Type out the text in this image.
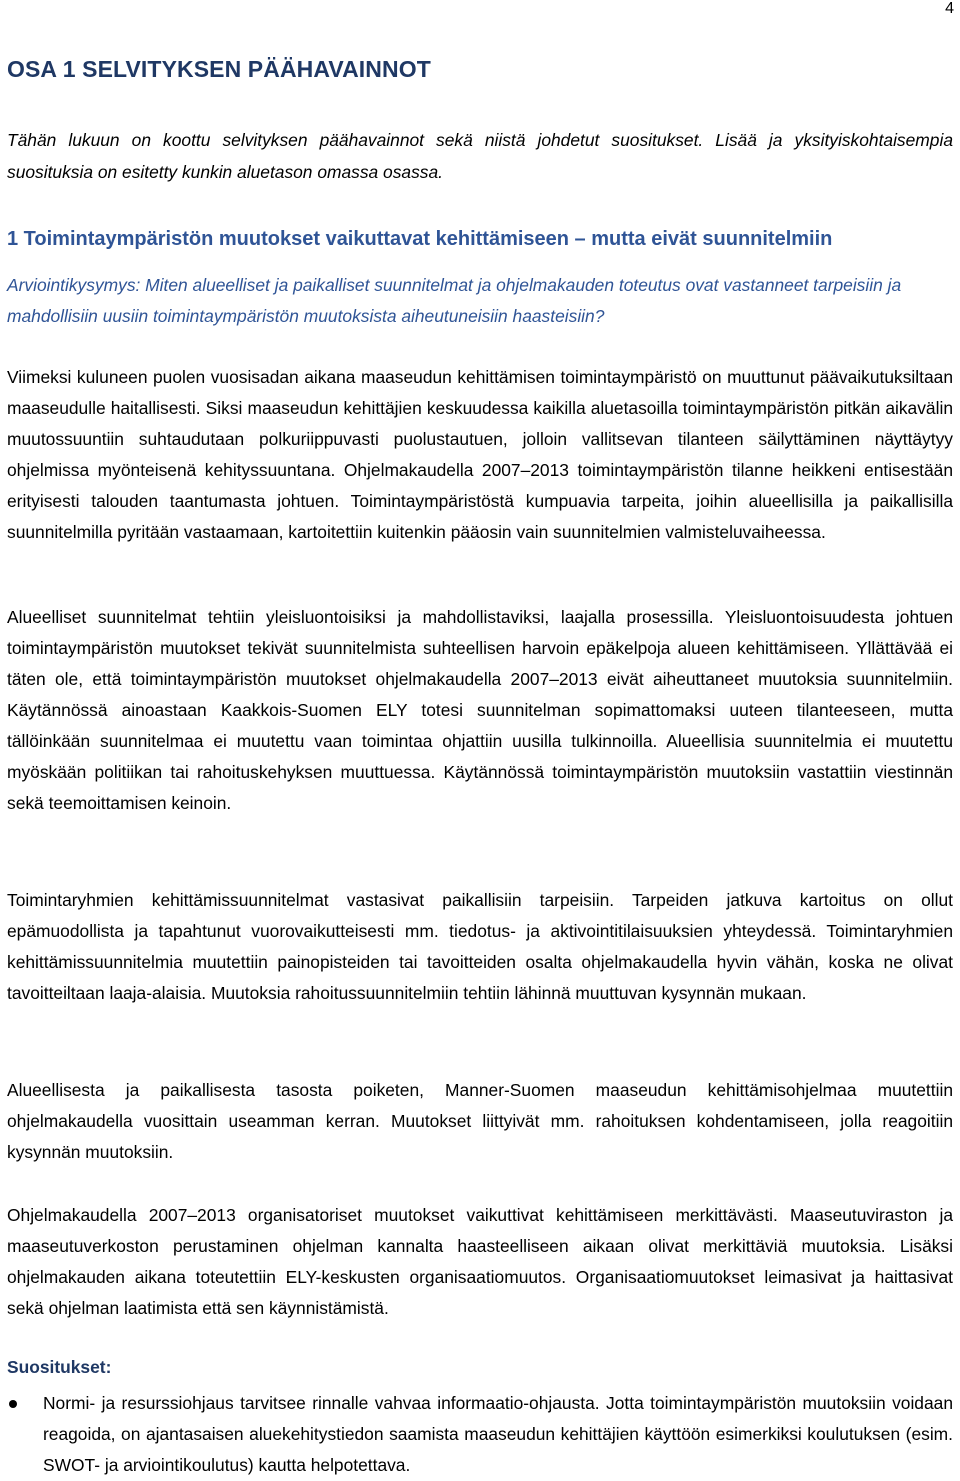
4
OSA 1 SELVITYKSEN PÄÄHAVAINNOT

Tähän lukuun on koottu selvityksen päähavainnot sekä niistä johdetut suositukset. Lisää ja yksityiskohtaisempia suosituksia on esitetty kunkin aluetason omassa osassa.

1 Toimintaympäristön muutokset vaikuttavat kehittämiseen – mutta eivät suunnitelmiin

Arviointikysymys: Miten alueelliset ja paikalliset suunnitelmat ja ohjelmakauden toteutus ovat vastanneet tarpeisiin ja mahdollisiin uusiin toimintaympäristön muutoksista aiheutuneisiin haasteisiin?

Viimeksi kuluneen puolen vuosisadan aikana maaseudun kehittämisen toimintaympäristö on muuttunut päävaikutuksiltaan maaseudulle haitallisesti. Siksi maaseudun kehittäjien keskuudessa kaikilla aluetasoilla toimintaympäristön pitkän aikavälin muutossuuntiin suhtaudutaan polkuriippuvasti puolustautuen, jolloin vallitsevan tilanteen säilyttäminen näyttäytyy ohjelmissa myönteisenä kehityssuuntana. Ohjelmakaudella 2007–2013 toimintaympäristön tilanne heikkeni entisestään erityisesti talouden taantumasta johtuen. Toimintaympäristöstä kumpuavia tarpeita, joihin alueellisilla ja paikallisilla suunnitelmilla pyritään vastaamaan, kartoitettiin kuitenkin pääosin vain suunnitelmien valmisteluvaiheessa.

Alueelliset suunnitelmat tehtiin yleisluontoisiksi ja mahdollistaviksi, laajalla prosessilla. Yleisluontoisuudesta johtuen toimintaympäristön muutokset tekivät suunnitelmista suhteellisen harvoin epäkelpoja alueen kehittämiseen. Yllättävää ei täten ole, että toimintaympäristön muutokset ohjelmakaudella 2007–2013 eivät aiheuttaneet muutoksia suunnitelmiin. Käytännössä ainoastaan Kaakkois-Suomen ELY totesi suunnitelman sopimattomaksi uuteen tilanteeseen, mutta tällöinkään suunnitelmaa ei muutettu vaan toimintaa ohjattiin uusilla tulkinnoilla. Alueellisia suunnitelmia ei muutettu myöskään politiikan tai rahoituskehyksen muuttuessa. Käytännössä toimintaympäristön muutoksiin vastattiin viestinnän sekä teemoittamisen keinoin.

Toimintaryhmien kehittämissuunnitelmat vastasivat paikallisiin tarpeisiin. Tarpeiden jatkuva kartoitus on ollut epämuodollista ja tapahtunut vuorovaikutteisesti mm. tiedotus- ja aktivointitilaisuuksien yhteydessä. Toimintaryhmien kehittämissuunnitelmia muutettiin painopisteiden tai tavoitteiden osalta ohjelmakaudella hyvin vähän, koska ne olivat tavoitteiltaan laaja-alaisia. Muutoksia rahoitussuunnitelmiin tehtiin lähinnä muuttuvan kysynnän mukaan.

Alueellisesta ja paikallisesta tasosta poiketen, Manner-Suomen maaseudun kehittämisohjelmaa muutettiin ohjelmakaudella vuosittain useamman kerran. Muutokset liittyivät mm. rahoituksen kohdentamiseen, jolla reagoitiin kysynnän muutoksiin.

Ohjelmakaudella 2007–2013 organisatoriset muutokset vaikuttivat kehittämiseen merkittävästi. Maaseutuviraston ja maaseutuverkoston perustaminen ohjelman kannalta haasteelliseen aikaan olivat merkittäviä muutoksia. Lisäksi ohjelmakauden aikana toteutettiin ELY-keskusten organisaatiomuutos. Organisaatiomuutokset leimasivat ja haittasivat sekä ohjelman laatimista että sen käynnistämistä.

Suositukset:

Normi- ja resurssiohjaus tarvitsee rinnalle vahvaa informaatio-ohjausta. Jotta toimintaympäristön muutoksiin voidaan reagoida, on ajantasaisen aluekehitystiedon saamista maaseudun kehittäjien käyttöön esimerkiksi koulutuksen (esim. SWOT- ja arviointikoulutus) kautta helpotettava.
